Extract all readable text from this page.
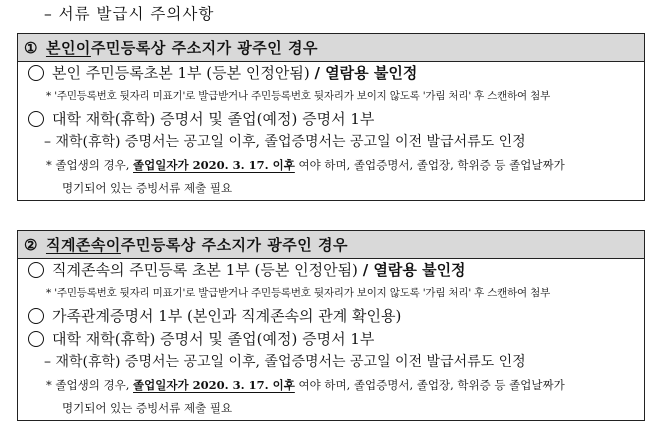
– 서류 발급시 주의사항
① 본인이 주민등록상 주소지가 광주인 경우
본인 주민등록초본 1부 (등본 인정안됨) / 열람용 불인정
* '주민등록번호 뒷자리 미표기'로 발급받거나 주민등록번호 뒷자리가 보이지 않도록 '가림 처리' 후 스캔하여 첨부
대학 재학(휴학) 증명서 및 졸업(예정) 증명서 1부
– 재학(휴학) 증명서는 공고일 이후, 졸업증명서는 공고일 이전 발급서류도 인정
* 졸업생의 경우, 졸업일자가 2020. 3. 17. 이후 여야 하며, 졸업증명서, 졸업장, 학위증 등 졸업날짜가
명기되어 있는 증빙서류 제출 필요
② 직계존속이 주민등록상 주소지가 광주인 경우
직계존속의 주민등록 초본 1부 (등본 인정안됨) / 열람용 불인정
* '주민등록번호 뒷자리 미표기'로 발급받거나 주민등록번호 뒷자리가 보이지 않도록 '가림 처리' 후 스캔하여 첨부
가족관계증명서 1부 (본인과 직계존속의 관계 확인용)
대학 재학(휴학) 증명서 및 졸업(예정) 증명서 1부
– 재학(휴학) 증명서는 공고일 이후, 졸업증명서는 공고일 이전 발급서류도 인정
* 졸업생의 경우, 졸업일자가 2020. 3. 17. 이후 여야 하며, 졸업증명서, 졸업장, 학위증 등 졸업날짜가
명기되어 있는 증빙서류 제출 필요
